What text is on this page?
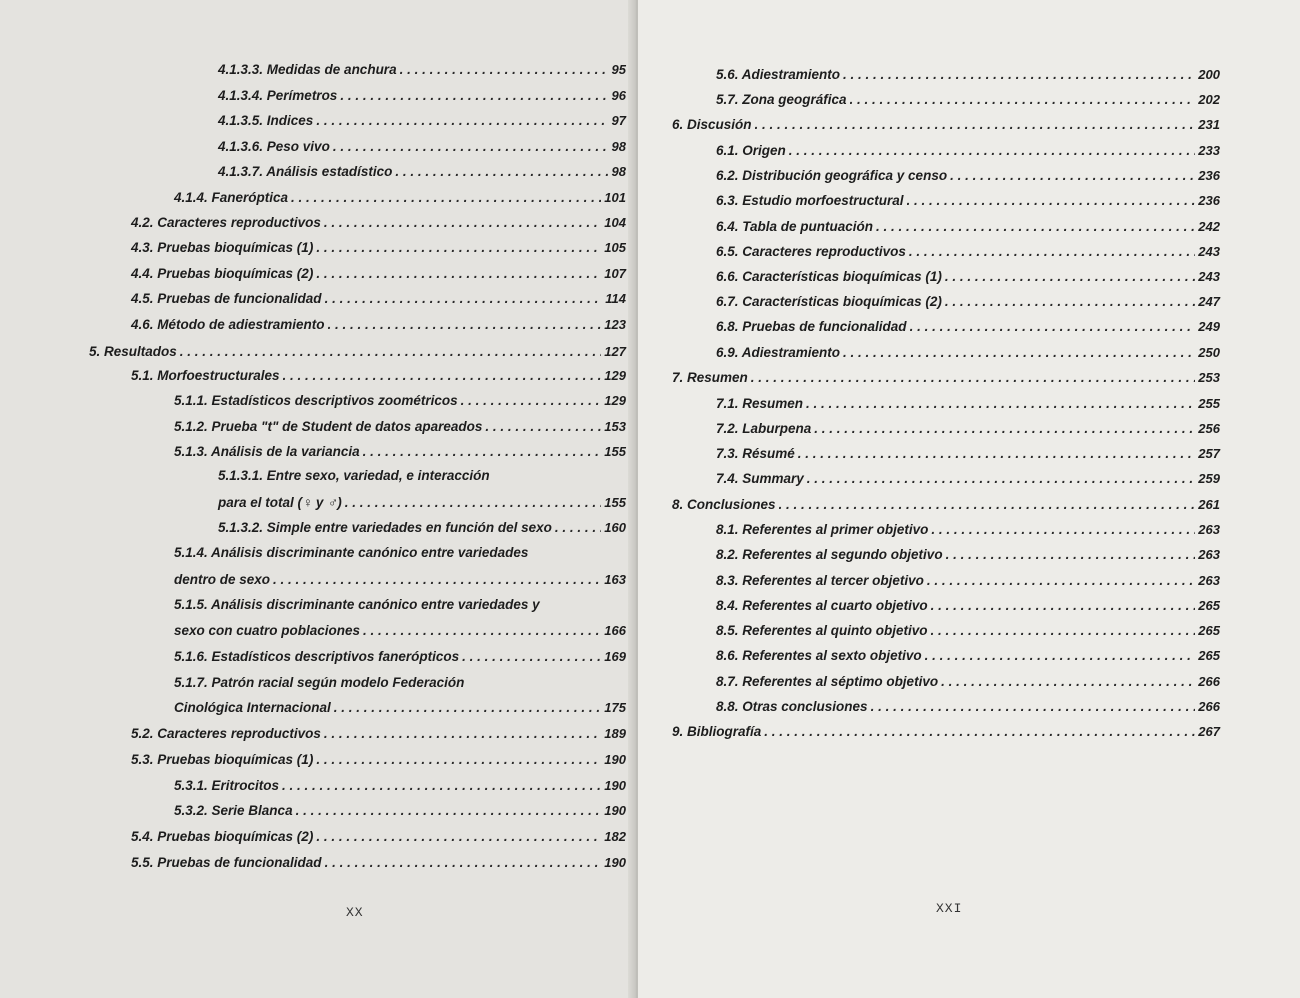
4.1.3.3. Medidas de anchura . . .	95
4.1.3.4. Perímetros . . .	96
4.1.3.5. Indices . . .	97
4.1.3.6. Peso vivo . . .	98
4.1.3.7. Análisis estadístico . . .	98
4.1.4. Faneróptica . . .	101
4.2. Caracteres reproductivos . . .	104
4.3. Pruebas bioquímicas (1) . . .	105
4.4. Pruebas bioquímicas (2) . . .	107
4.5. Pruebas de funcionalidad . . .	114
4.6. Método de adiestramiento . . .	123
5. Resultados . . .	127
5.1. Morfoestructurales . . .	129
5.1.1. Estadísticos descriptivos zoométricos . . .	129
5.1.2. Prueba "t" de Student de datos apareados . . .	153
5.1.3. Análisis de la variancia . . .	155
5.1.3.1. Entre sexo, variedad, e interacción
para el total (♀ y ♂) . . .	155
5.1.3.2. Simple entre variedades en función del sexo . . .	160
5.1.4. Análisis discriminante canónico entre variedades
dentro de sexo . . .	163
5.1.5. Análisis discriminante canónico entre variedades y
sexo con cuatro poblaciones . . .	166
5.1.6. Estadísticos descriptivos fanerópticos . . .	169
5.1.7. Patrón racial según modelo Federación
Cinológica Internacional . . .	175
5.2. Caracteres reproductivos . . .	189
5.3. Pruebas bioquímicas (1) . . .	190
5.3.1. Eritrocitos . . .	190
5.3.2. Serie Blanca . . .	190
5.4. Pruebas bioquímicas (2) . . .	182
5.5. Pruebas de funcionalidad . . .	190
XX
5.6. Adiestramiento . . .	200
5.7. Zona geográfica . . .	202
6. Discusión . . .	231
6.1. Origen . . .	233
6.2. Distribución geográfica y censo . . .	236
6.3. Estudio morfoestructural . . .	236
6.4. Tabla de puntuación . . .	242
6.5. Caracteres reproductivos . . .	243
6.6. Características bioquímicas (1) . . .	243
6.7. Características bioquímicas (2) . . .	247
6.8. Pruebas de funcionalidad . . .	249
6.9. Adiestramiento . . .	250
7. Resumen . . .	253
7.1. Resumen . . .	255
7.2. Laburpena . . .	256
7.3. Résumé . . .	257
7.4. Summary . . .	259
8. Conclusiones . . .	261
8.1. Referentes al primer objetivo . . .	263
8.2. Referentes al segundo objetivo . . .	263
8.3. Referentes al tercer objetivo . . .	263
8.4. Referentes al cuarto objetivo . . .	265
8.5. Referentes al quinto objetivo . . .	265
8.6. Referentes al sexto objetivo . . .	265
8.7. Referentes al séptimo objetivo . . .	266
8.8. Otras conclusiones . . .	266
9. Bibliografía . . .	267
XXI
